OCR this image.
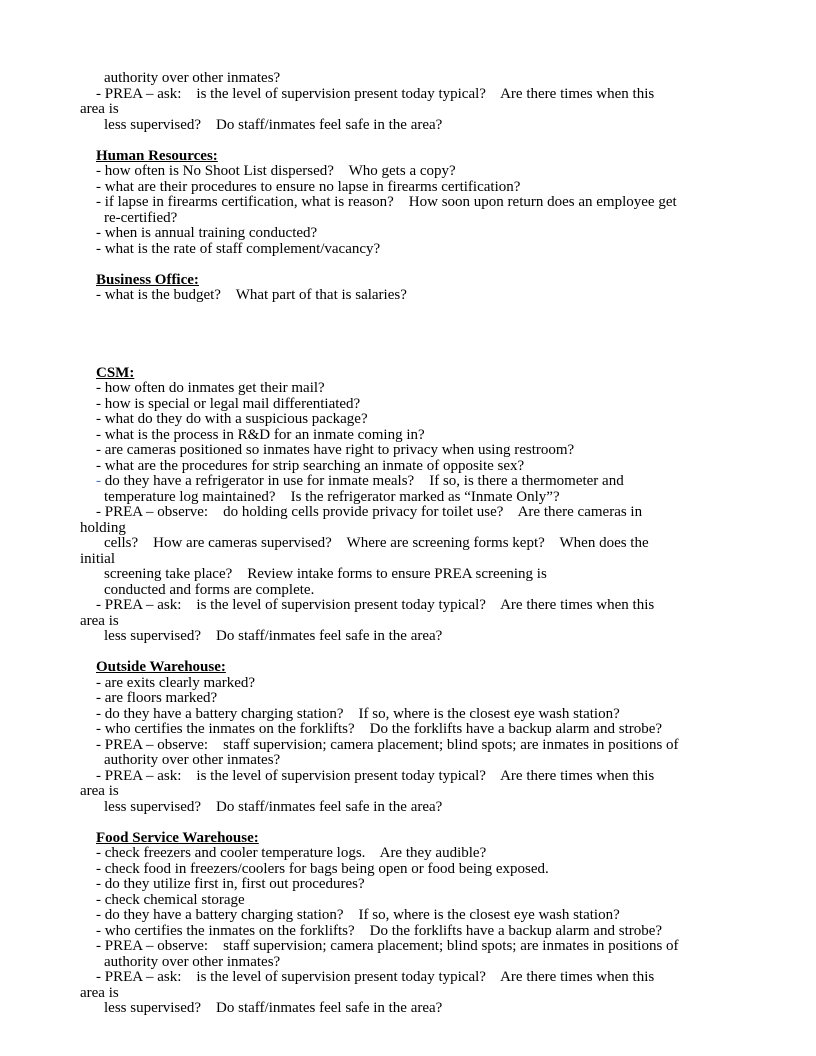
authority over other inmates?
- PREA – ask:    is the level of supervision present today typical?    Are there times when this
area is
less supervised?    Do staff/inmates feel safe in the area?
Human Resources:
- how often is No Shoot List dispersed?    Who gets a copy?
- what are their procedures to ensure no lapse in firearms certification?
- if lapse in firearms certification, what is reason?    How soon upon return does an employee get
re-certified?
- when is annual training conducted?
- what is the rate of staff complement/vacancy?
Business Office:
- what is the budget?    What part of that is salaries?
CSM:
- how often do inmates get their mail?
- how is special or legal mail differentiated?
- what do they do with a suspicious package?
- what is the process in R&D for an inmate coming in?
- are cameras positioned so inmates have right to privacy when using restroom?
- what are the procedures for strip searching an inmate of opposite sex?
- do they have a refrigerator in use for inmate meals?    If so, is there a thermometer and
temperature log maintained?    Is the refrigerator marked as “Inmate Only”?
- PREA – observe:    do holding cells provide privacy for toilet use?    Are there cameras in
holding
cells?    How are cameras supervised?    Where are screening forms kept?    When does the
initial
screening take place?    Review intake forms to ensure PREA screening is
conducted and forms are complete.
- PREA – ask:    is the level of supervision present today typical?    Are there times when this
area is
less supervised?    Do staff/inmates feel safe in the area?
Outside Warehouse:
- are exits clearly marked?
- are floors marked?
- do they have a battery charging station?    If so, where is the closest eye wash station?
- who certifies the inmates on the forklifts?    Do the forklifts have a backup alarm and strobe?
- PREA – observe:    staff supervision; camera placement; blind spots; are inmates in positions of
authority over other inmates?
- PREA – ask:    is the level of supervision present today typical?    Are there times when this
area is
less supervised?    Do staff/inmates feel safe in the area?
Food Service Warehouse:
- check freezers and cooler temperature logs.    Are they audible?
- check food in freezers/coolers for bags being open or food being exposed.
- do they utilize first in, first out procedures?
- check chemical storage
- do they have a battery charging station?    If so, where is the closest eye wash station?
- who certifies the inmates on the forklifts?    Do the forklifts have a backup alarm and strobe?
- PREA – observe:    staff supervision; camera placement; blind spots; are inmates in positions of
authority over other inmates?
- PREA – ask:    is the level of supervision present today typical?    Are there times when this
area is
less supervised?    Do staff/inmates feel safe in the area?
